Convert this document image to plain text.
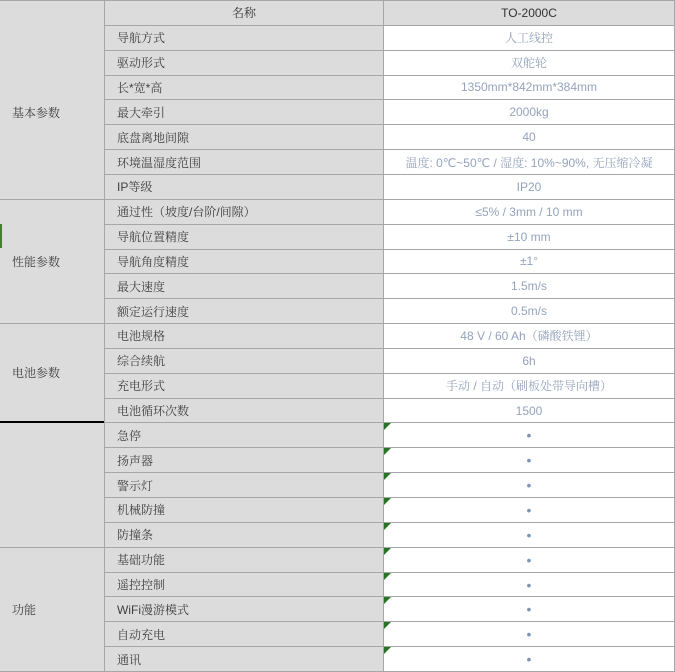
名称	TO-2000C
基本参数
导航方式	人工线控
驱动形式	双舵轮
长*宽*高	1350mm*842mm*384mm
最大牵引	2000kg
底盘离地间隙	40
环境温湿度范围	温度: 0℃~50℃ / 湿度: 10%~90%, 无压缩冷凝
IP等级	IP20
性能参数
通过性（坡度/台阶/间隙）	≤5% / 3mm / 10 mm
导航位置精度	±10 mm
导航角度精度	±1°
最大速度	1.5m/s
额定运行速度	0.5m/s
电池参数
电池规格	48 V / 60 Ah（磷酸铁锂）
综合续航	6h
充电形式	手动 / 自动（刷板处带导向槽）
电池循环次数	1500
急停	•
扬声器	•
警示灯	•
机械防撞	•
防撞条	•
功能
基础功能	•
遥控控制	•
WiFi漫游模式	•
自动充电	•
通讯	•
